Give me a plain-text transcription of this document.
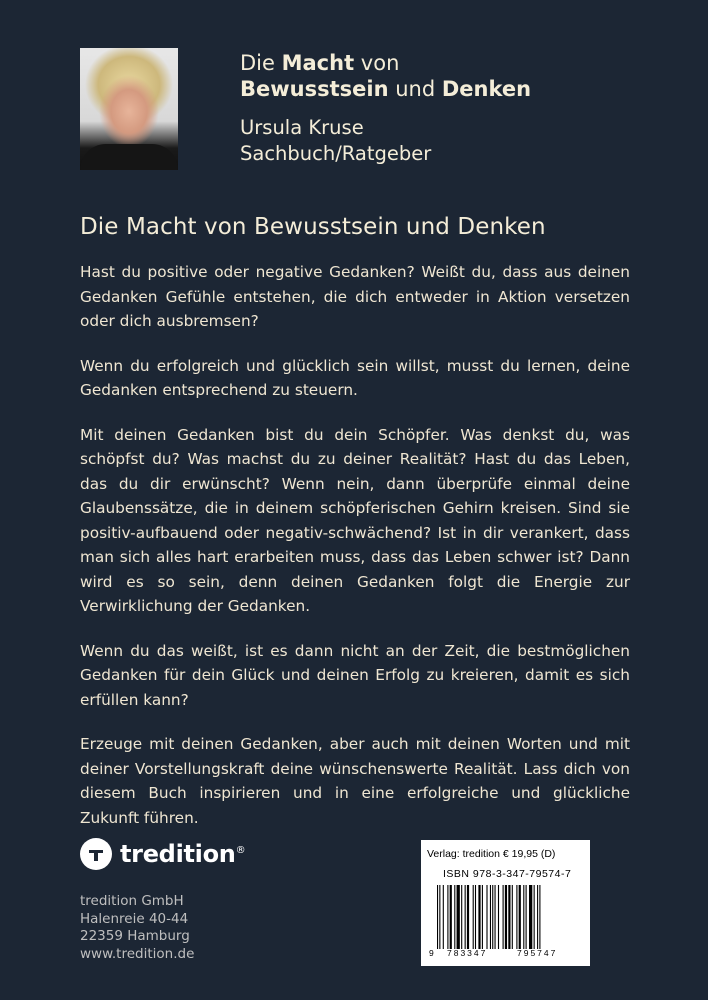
Die Macht von
Bewusstsein und Denken
Ursula Kruse
Sachbuch/Ratgeber
Die Macht von Bewusstsein und Denken

Hast du positive oder negative Gedanken? Weißt du, dass aus deinen Gedanken Gefühle entstehen, die dich entweder in Aktion versetzen oder dich ausbremsen?

Wenn du erfolgreich und glücklich sein willst, musst du lernen, deine Gedanken entsprechend zu steuern.

Mit deinen Gedanken bist du dein Schöpfer. Was denkst du, was schöpfst du? Was machst du zu deiner Realität? Hast du das Leben, das du dir erwünscht? Wenn nein, dann überprüfe einmal deine Glaubenssätze, die in deinem schöpferischen Gehirn kreisen. Sind sie positiv-aufbauend oder negativ-schwächend? Ist in dir verankert, dass man sich alles hart erarbeiten muss, dass das Leben schwer ist? Dann wird es so sein, denn deinen Gedanken folgt die Energie zur Verwirklichung der Gedanken.

Wenn du das weißt, ist es dann nicht an der Zeit, die bestmöglichen Gedanken für dein Glück und deinen Erfolg zu kreieren, damit es sich erfüllen kann?

Erzeuge mit deinen Gedanken, aber auch mit deinen Worten und mit deiner Vorstellungskraft deine wünschenswerte Realität. Lass dich von diesem Buch inspirieren und in eine erfolgreiche und glückliche Zukunft führen.

tredition®
tredition GmbH
Halenreie 40-44
22359 Hamburg
www.tredition.de
Verlag: tredition € 19,95 (D)
ISBN 978-3-347-79574-7
9 783347	795747
